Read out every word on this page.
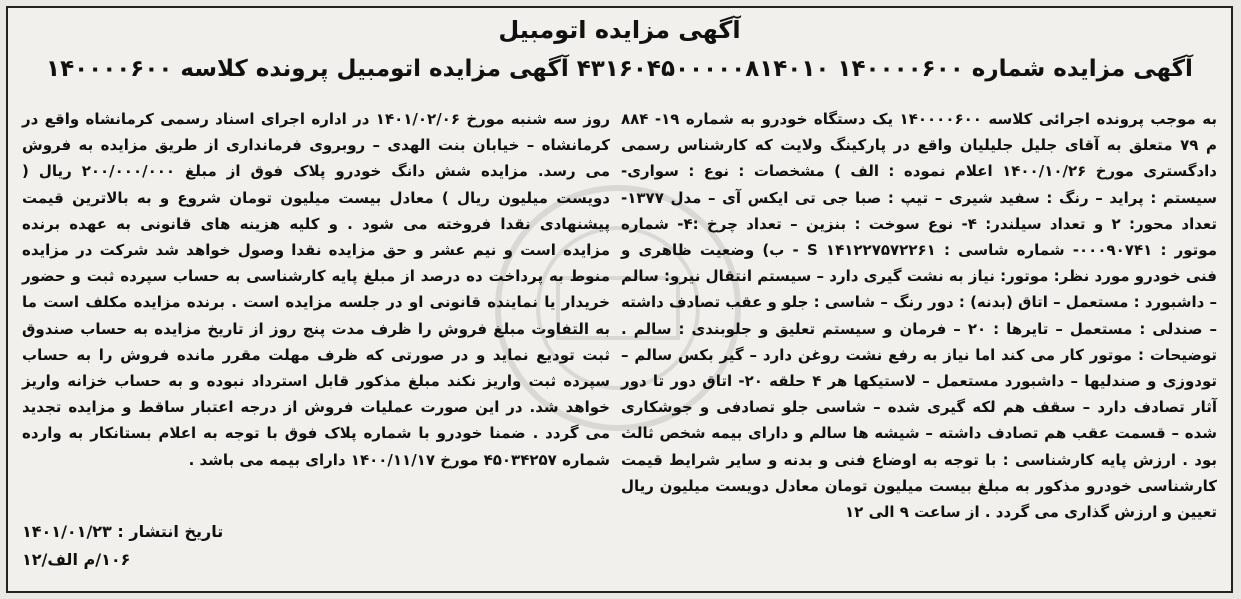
آگهی مزایده اتومبیل
آگهی مزایده شماره ۱۴۰۰۰۰۶۰۰ ۴۳۱۶۰۴۵۰۰۰۰۰۸۱۴۰۱۰ آگهی مزایده اتومبیل پرونده کلاسه ۱۴۰۰۰۰۶۰۰

به موجب پرونده اجرائی کلاسه ۱۴۰۰۰۰۶۰۰ یک دستگاه خودرو به شماره ۱۹- ۸۸۴ م ۷۹ متعلق به آقای جلیل جلیلیان واقع در پارکینگ ولایت که کارشناس رسمی دادگستری مورخ ۱۴۰۰/۱۰/۲۶ اعلام نموده : الف ) مشخصات : نوع : سواری- سیستم : پراید – رنگ : سفید شیری – تیپ : صبا جی تی ایکس آی – مدل ۱۳۷۷- تعداد محور: ۲ و تعداد سیلندر: ۴- نوع سوخت : بنزین – تعداد چرخ :۴- شماره موتور : ۰۰۰۹۰۷۴۱- شماره شاسی : S ۱۴۱۲۲۷۵۷۲۲۶۱ - ب) وضعیت ظاهری و فنی خودرو مورد نظر: موتور: نیاز به نشت گیری دارد – سیستم انتقال نیرو: سالم – داشبورد : مستعمل – اتاق (بدنه) : دور رنگ – شاسی : جلو و عقب تصادف داشته – صندلی : مستعمل – تایرها : ۲۰ – فرمان و سیستم تعلیق و جلوبندی : سالم . توضیحات : موتور کار می کند اما نیاز به رفع نشت روغن دارد – گیر بکس سالم – تودوزی و صندلیها – داشبورد مستعمل – لاستیکها هر ۴ حلقه ۲۰- اتاق دور تا دور آثار تصادف دارد – سقف هم لکه گیری شده – شاسی جلو تصادفی و جوشکاری شده – قسمت عقب هم تصادف داشته – شیشه ها سالم و دارای بیمه شخص ثالث بود . ارزش پایه کارشناسی : با توجه به اوضاع فنی و بدنه و سایر شرایط قیمت کارشناسی خودرو مذکور به مبلغ بیست میلیون تومان معادل دویست میلیون ریال تعیین و ارزش گذاری می گردد . از ساعت ۹ الی ۱۲

روز سه شنبه مورخ ۱۴۰۱/۰۲/۰۶ در اداره اجرای اسناد رسمی کرمانشاه واقع در کرمانشاه – خیابان بنت الهدی – روبروی فرمانداری از طریق مزایده به فروش می رسد. مزایده شش دانگ خودرو پلاک فوق از مبلغ ۲۰۰/۰۰۰/۰۰۰ ریال ( دویست میلیون ریال ) معادل بیست میلیون تومان شروع و به بالاترین قیمت پیشنهادی نقدا فروخته می شود . و کلیه هزینه های قانونی به عهده برنده مزایده است و نیم عشر و حق مزایده نقدا وصول خواهد شد شرکت در مزایده منوط به پرداخت ده درصد از مبلغ پایه کارشناسی به حساب سپرده ثبت و حضور خریدار یا نماینده قانونی او در جلسه مزایده است . برنده مزایده مکلف است ما به التفاوت مبلغ فروش را ظرف مدت پنج روز از تاریخ مزایده به حساب صندوق ثبت تودیع نماید و در صورتی که ظرف مهلت مقرر مانده فروش را به حساب سپرده ثبت واریز نکند مبلغ مذکور قابل استرداد نبوده و به حساب خزانه واریز خواهد شد. در این صورت عملیات فروش از درجه اعتبار ساقط و مزایده تجدید می گردد . ضمنا خودرو با شماره پلاک فوق با توجه به اعلام بستانکار به وارده شماره ۴۵۰۳۴۲۵۷ مورخ ۱۴۰۰/۱۱/۱۷ دارای بیمه می باشد .

تاریخ انتشار : ۱۴۰۱/۰۱/۲۳
۱۰۶/م الف/۱۲
